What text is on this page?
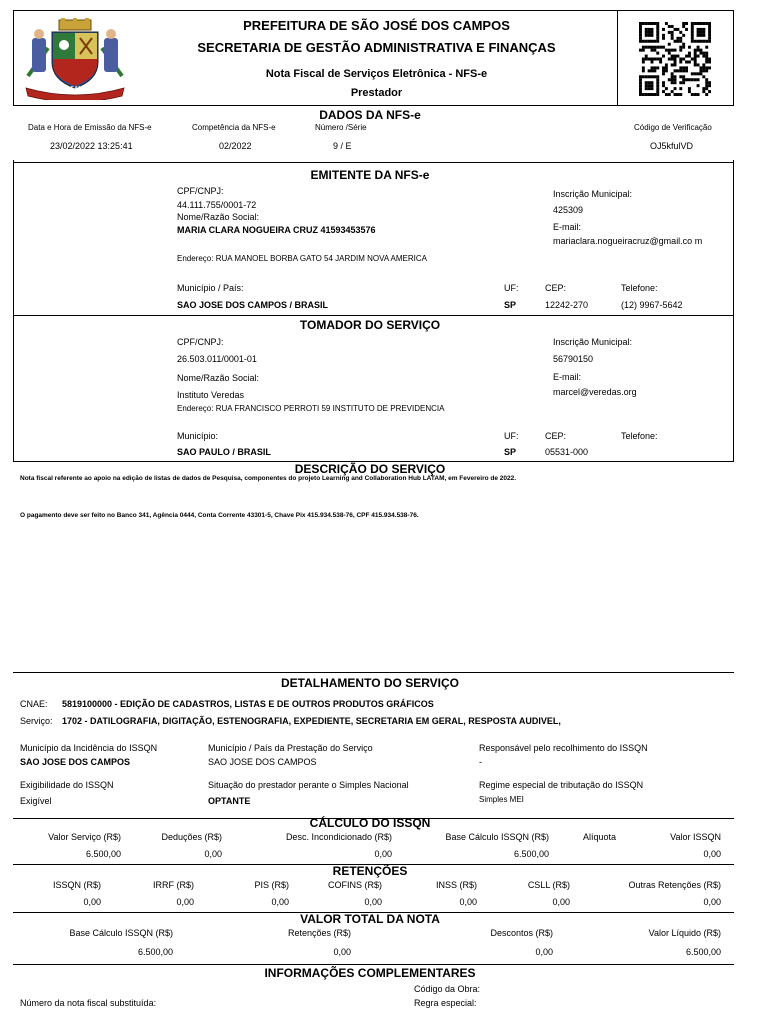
ARBOREA SANITATE
PREFEITURA DE SÃO JOSÉ DOS CAMPOS
SECRETARIA DE GESTÃO ADMINISTRATIVA E FINANÇAS
Nota Fiscal de Serviços Eletrônica - NFS-e
Prestador
DADOS DA NFS-e
Data e Hora de Emissão da NFS-e
23/02/2022 13:25:41
Competência da NFS-e
02/2022
Número /Série
9 / E
Código de Verificação
OJ5kfulVD
EMITENTE DA NFS-e
CPF/CNPJ:
44.111.755/0001-72
Nome/Razão Social:
MARIA CLARA NOGUEIRA CRUZ 41593453576
Endereço: RUA MANOEL BORBA GATO 54 JARDIM NOVA AMERICA
Município / País:
SAO JOSE DOS CAMPOS / BRASIL
UF:
SP
CEP:
12242-270
Telefone:
(12) 9967-5642
Inscrição Municipal:
425309
E-mail:
mariaclara.nogueiracruz@gmail.co m
TOMADOR DO SERVIÇO
CPF/CNPJ:
26.503.011/0001-01
Nome/Razão Social:
Instituto Veredas
Endereço: RUA FRANCISCO PERROTI 59 INSTITUTO DE PREVIDENCIA
Município:
SAO PAULO / BRASIL
UF:
SP
CEP:
05531-000
Telefone:
Inscrição Municipal:
56790150
E-mail:
marcel@veredas.org
DESCRIÇÃO DO SERVIÇO
Nota fiscal referente ao apoio na edição de listas de dados de Pesquisa, componentes do projeto Learning and Collaboration Hub LATAM, em Fevereiro de 2022.
O pagamento deve ser feito no Banco 341, Agência 0444, Conta Corrente 43301-5, Chave Pix 415.934.538-76, CPF 415.934.538-76.
DETALHAMENTO DO SERVIÇO
CNAE: 5819100000 - EDIÇÃO DE CADASTROS, LISTAS E DE OUTROS PRODUTOS GRÁFICOS
Serviço: 1702 - DATILOGRAFIA, DIGITAÇÃO, ESTENOGRAFIA, EXPEDIENTE, SECRETARIA EM GERAL, RESPOSTA AUDIVEL,
Município da Incidência do ISSQN
SAO JOSE DOS CAMPOS
Município / País da Prestação do Serviço
SAO JOSE DOS CAMPOS
Responsável pelo recolhimento do ISSQN
-
Exigibilidade do ISSQN
Exigível
Situação do prestador perante o Simples Nacional
OPTANTE
Regime especial de tributação do ISSQN
Simples MEI
CÁLCULO DO ISSQN
Valor Serviço (R$)
6.500,00
Deduções (R$)
0,00
Desc. Incondicionado (R$)
0,00
Base Cálculo ISSQN (R$)
6.500,00
Alíquota	Valor ISSQN
0,00
RETENÇÕES
ISSQN (R$)
0,00
IRRF (R$)
0,00
PIS (R$)
0,00
COFINS (R$)
0,00
INSS (R$)
0,00
CSLL (R$)
0,00
Outras Retenções (R$)
0,00
VALOR TOTAL DA NOTA
Base Cálculo ISSQN (R$)
6.500,00
Retenções (R$)
0,00
Descontos (R$)
0,00
Valor Líquido (R$)
6.500,00
INFORMAÇÕES COMPLEMENTARES
Código da Obra:
Número da nota fiscal substituída:	Regra especial:
